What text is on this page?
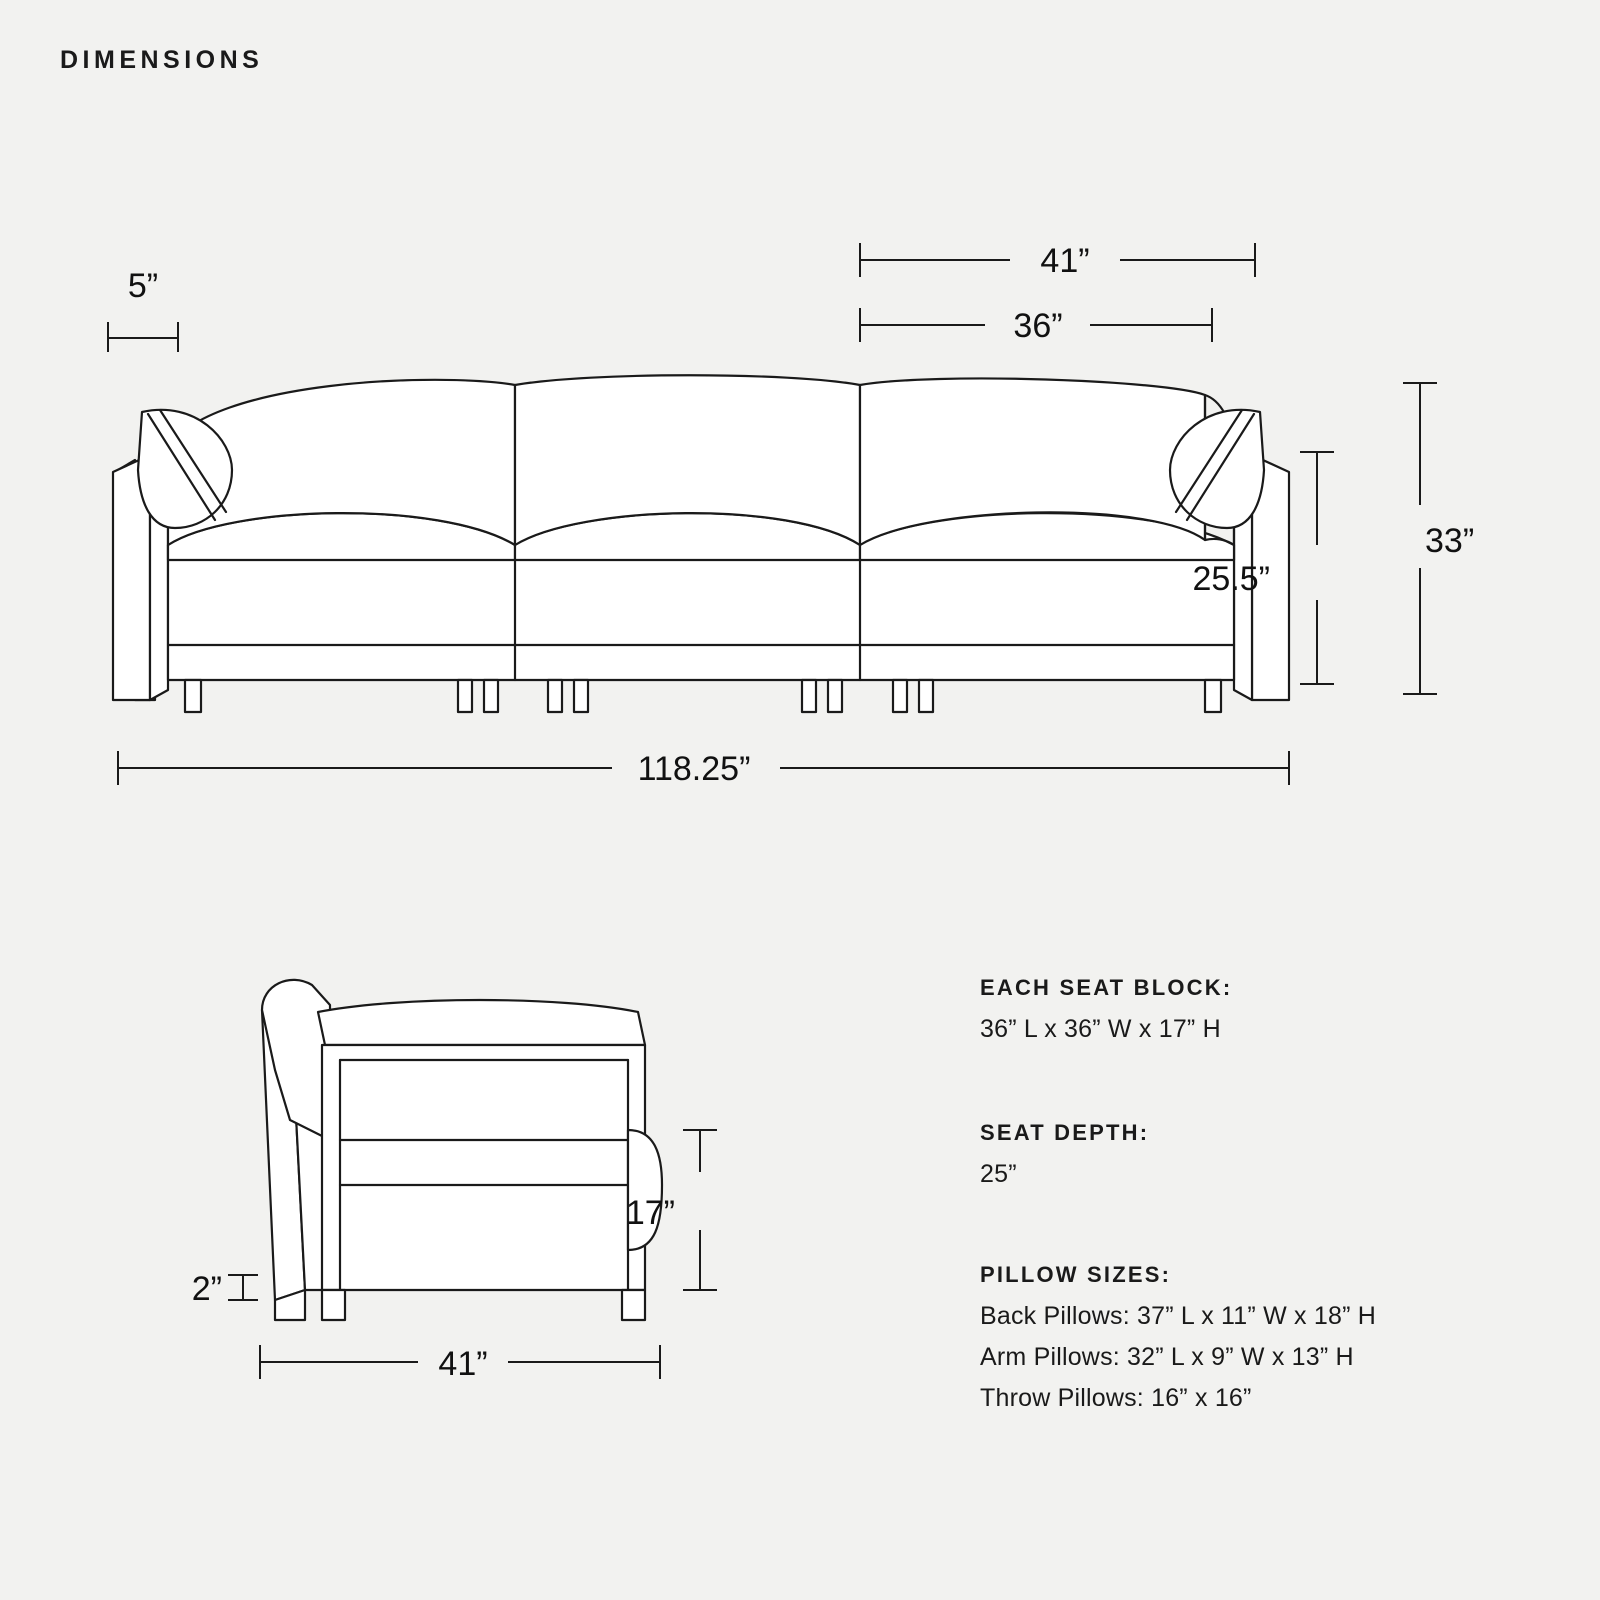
DIMENSIONS
41”
36”
5”
33”
25.5”
118.25”
17”
2”
41”
EACH SEAT BLOCK:
36” L x 36” W x 17” H
SEAT DEPTH:
25”
PILLOW SIZES:
Back Pillows: 37” L x 11” W x 18” H
Arm Pillows: 32” L x 9” W x 13” H
Throw Pillows: 16” x 16”
